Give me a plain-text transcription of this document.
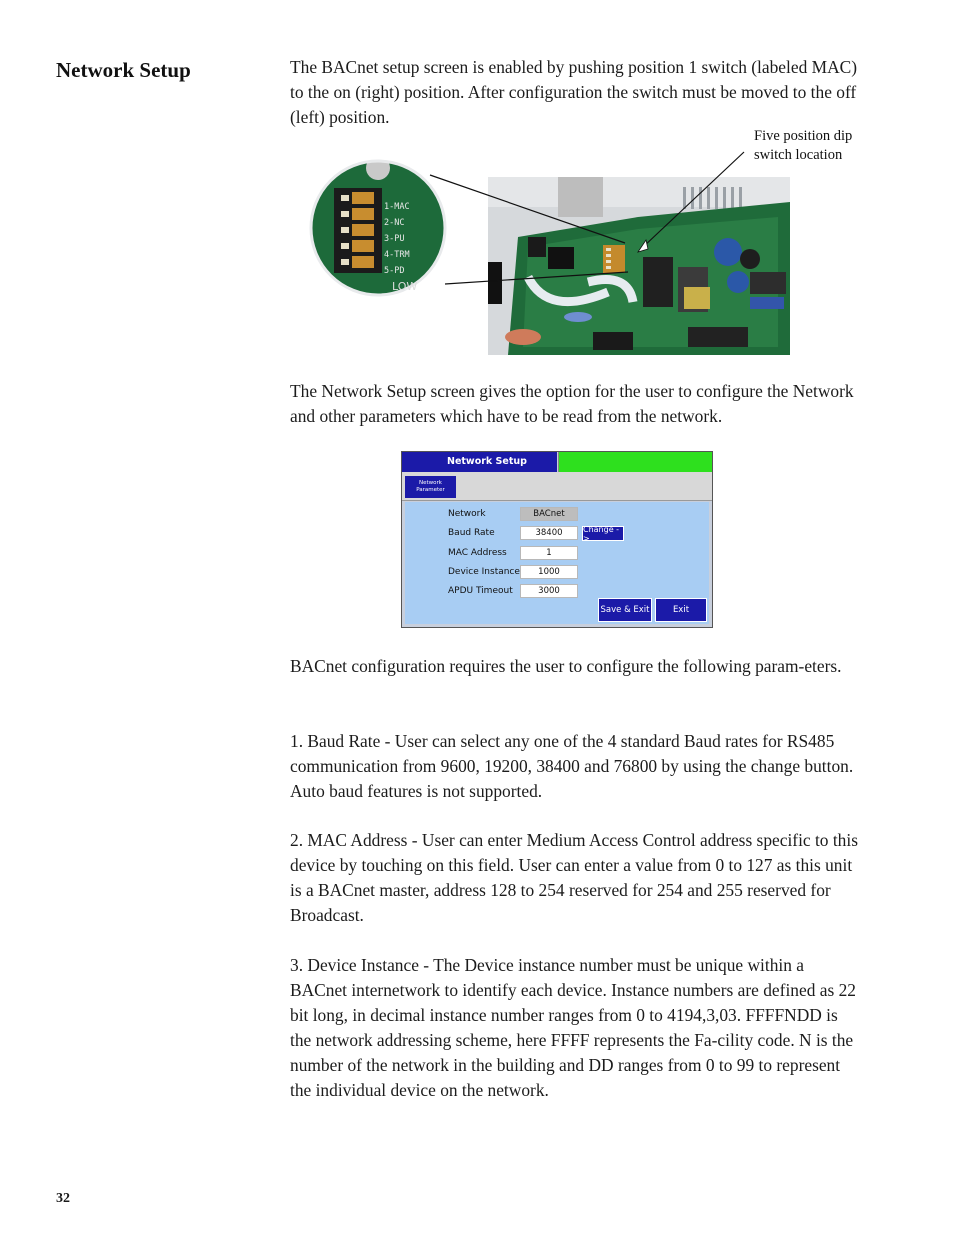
Network Setup	The BACnet setup screen is enabled by pushing position 1 switch (labeled MAC) to the on (right) position. After configuration the switch must be moved to the off (left) position.

Five position dip switch location
1-MAC
2-NC
3-PU
4-TRM
5-PD
LOW

The Network Setup screen gives the option for the user to configure the Network and other parameters which have to be read from the network.

Network Setup
Network
Parameter
Network	BACnet
Baud Rate	38400	Change ->
MAC Address	1
Device Instance	1000
APDU Timeout	3000
Save & Exit	Exit

BACnet configuration requires the user to configure the following param-eters.

1. Baud Rate - User can select any one of the 4 standard Baud rates for RS485 communication from 9600, 19200, 38400 and 76800 by using the change button. Auto baud features is not supported.

2. MAC Address - User can enter Medium Access Control address specific to this device by touching on this field. User can enter a value from 0 to 127 as this unit is a BACnet master, address 128 to 254 reserved for 254 and 255 reserved for Broadcast.

3. Device Instance - The Device instance number must be unique within a BACnet internetwork to identify each device. Instance numbers are defined as 22 bit long, in decimal instance number ranges from 0 to 4194,3,03. FFFFNDD is the network addressing scheme, here FFFF represents the Fa-cility code. N is the number of the network in the building and DD ranges from 0 to 99 to represent the individual device on the network.

32
